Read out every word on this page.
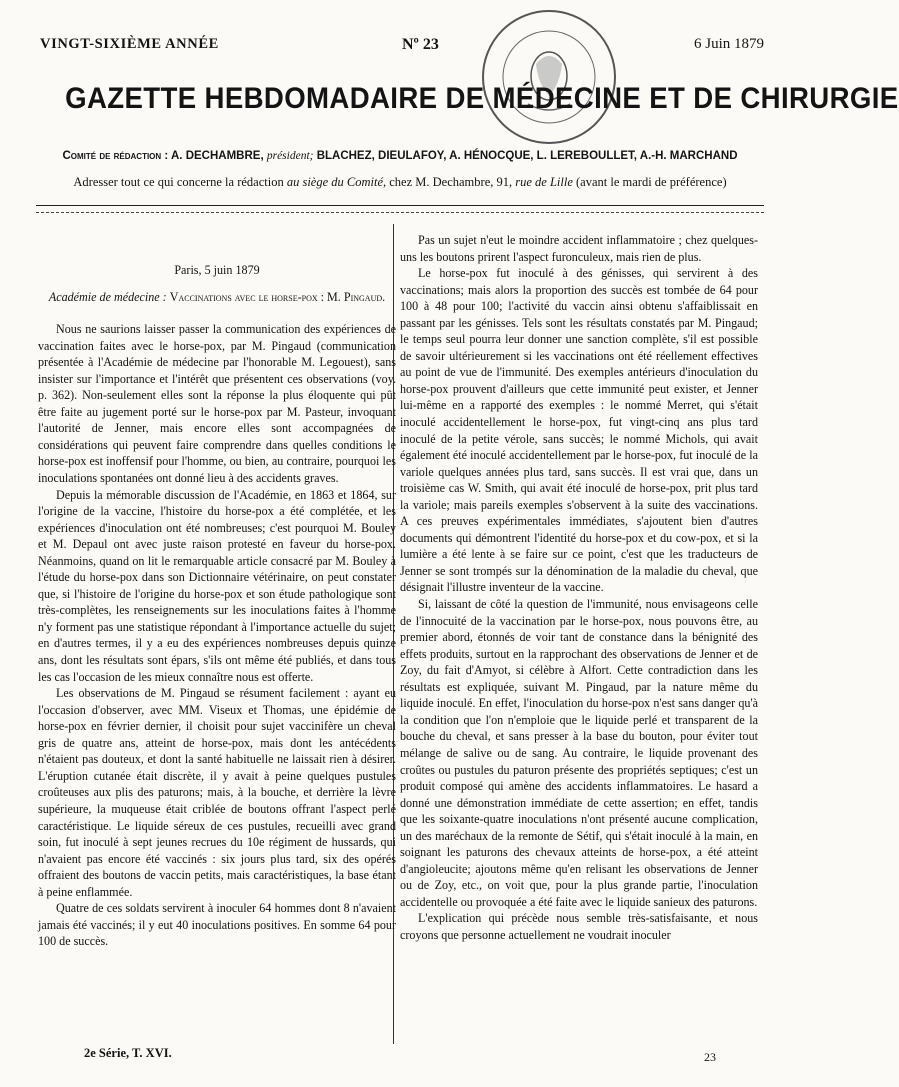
VINGT-SIXIÈME ANNÉE	Nº 23	6 Juin 1879
GAZETTE HEBDOMADAIRE DE MÉDECINE ET DE CHIRURGIE
Comité de rédaction : A. DECHAMBRE, président; BLACHEZ, DIEULAFOY, A. HÉNOCQUE, L. LEREBOULLET, A.-H. MARCHAND
Adresser tout ce qui concerne la rédaction au siège du Comité, chez M. Dechambre, 91, rue de Lille (avant le mardi de préférence)

Paris, 5 juin 1879

Académie de médecine : Vaccinations avec le horse-pox : M. Pingaud.

Nous ne saurions laisser passer la communication des expériences de vaccination faites avec le horse-pox, par M. Pingaud (communication présentée à l'Académie de médecine par l'honorable M. Legouest), sans insister sur l'importance et l'intérêt que présentent ces observations (voy. p. 362). Non-seulement elles sont la réponse la plus éloquente qui pût être faite au jugement porté sur le horse-pox par M. Pasteur, invoquant l'autorité de Jenner, mais encore elles sont accompagnées de considérations qui peuvent faire comprendre dans quelles conditions le horse-pox est inoffensif pour l'homme, ou bien, au contraire, pourquoi les inoculations spontanées ont donné lieu à des accidents graves.

Depuis la mémorable discussion de l'Académie, en 1863 et 1864, sur l'origine de la vaccine, l'histoire du horse-pox a été complétée, et les expériences d'inoculation ont été nombreuses; c'est pourquoi M. Bouley et M. Depaul ont avec juste raison protesté en faveur du horse-pox. Néanmoins, quand on lit le remarquable article consacré par M. Bouley à l'étude du horse-pox dans son Dictionnaire vétérinaire, on peut constater que, si l'histoire de l'origine du horse-pox et son étude pathologique sont très-complètes, les renseignements sur les inoculations faites à l'homme n'y forment pas une statistique répondant à l'importance actuelle du sujet; en d'autres termes, il y a eu des expériences nombreuses depuis quinze ans, dont les résultats sont épars, s'ils ont même été publiés, et dans tous les cas l'occasion de les mieux connaître nous est offerte.

Les observations de M. Pingaud se résument facilement : ayant eu l'occasion d'observer, avec MM. Viseux et Thomas, une épidémie de horse-pox en février dernier, il choisit pour sujet vaccinifère un cheval gris de quatre ans, atteint de horse-pox, mais dont les antécédents n'étaient pas douteux, et dont la santé habituelle ne laissait rien à désirer. L'éruption cutanée était discrète, il y avait à peine quelques pustules croûteuses aux plis des paturons; mais, à la bouche, et derrière la lèvre supérieure, la muqueuse était criblée de boutons offrant l'aspect perlé caractéristique. Le liquide séreux de ces pustules, recueilli avec grand soin, fut inoculé à sept jeunes recrues du 10e régiment de hussards, qui n'avaient pas encore été vaccinés : six jours plus tard, six des opérés offraient des boutons de vaccin petits, mais caractéristiques, la base étant à peine enflammée.

Quatre de ces soldats servirent à inoculer 64 hommes dont 8 n'avaient jamais été vaccinés; il y eut 40 inoculations positives. En somme 64 pour 100 de succès.

Pas un sujet n'eut le moindre accident inflammatoire ; chez quelques-uns les boutons prirent l'aspect furonculeux, mais rien de plus.

Le horse-pox fut inoculé à des génisses, qui servirent à des vaccinations; mais alors la proportion des succès est tombée de 64 pour 100 à 48 pour 100; l'activité du vaccin ainsi obtenu s'affaiblissait en passant par les génisses. Tels sont les résultats constatés par M. Pingaud; le temps seul pourra leur donner une sanction complète, s'il est possible de savoir ultérieurement si les vaccinations ont été réellement effectives au point de vue de l'immunité. Des exemples antérieurs d'inoculation du horse-pox prouvent d'ailleurs que cette immunité peut exister, et Jenner lui-même en a rapporté des exemples : le nommé Merret, qui s'était inoculé accidentellement le horse-pox, fut vingt-cinq ans plus tard inoculé de la petite vérole, sans succès; le nommé Michols, qui avait également été inoculé accidentellement par le horse-pox, fut inoculé de la variole quelques années plus tard, sans succès. Il est vrai que, dans un troisième cas W. Smith, qui avait été inoculé de horse-pox, prit plus tard la variole; mais pareils exemples s'observent à la suite des vaccinations. A ces preuves expérimentales immédiates, s'ajoutent bien d'autres documents qui démontrent l'identité du horse-pox et du cow-pox, et si la lumière a été lente à se faire sur ce point, c'est que les traducteurs de Jenner se sont trompés sur la dénomination de la maladie du cheval, que désignait l'illustre inventeur de la vaccine.

Si, laissant de côté la question de l'immunité, nous envisageons celle de l'innocuité de la vaccination par le horse-pox, nous pouvons être, au premier abord, étonnés de voir tant de constance dans la bénignité des effets produits, surtout en la rapprochant des observations de Jenner et de Zoy, du fait d'Amyot, si célèbre à Alfort. Cette contradiction dans les résultats est expliquée, suivant M. Pingaud, par la nature même du liquide inoculé. En effet, l'inoculation du horse-pox n'est sans danger qu'à la condition que l'on n'emploie que le liquide perlé et transparent de la bouche du cheval, et sans presser à la base du bouton, pour éviter tout mélange de salive ou de sang. Au contraire, le liquide provenant des croûtes ou pustules du paturon présente des propriétés septiques; c'est un produit composé qui amène des accidents inflammatoires. Le hasard a donné une démonstration immédiate de cette assertion; en effet, tandis que les soixante-quatre inoculations n'ont présenté aucune complication, un des maréchaux de la remonte de Sétif, qui s'était inoculé à la main, en soignant les paturons des chevaux atteints de horse-pox, a été atteint d'angioleucite; ajoutons même qu'en relisant les observations de Jenner ou de Zoy, etc., on voit que, pour la plus grande partie, l'inoculation accidentelle ou provoquée a été faite avec le liquide sanieux des paturons.

L'explication qui précède nous semble très-satisfaisante, et nous croyons que personne actuellement ne voudrait inoculer

2e Série, T. XVI.	23
